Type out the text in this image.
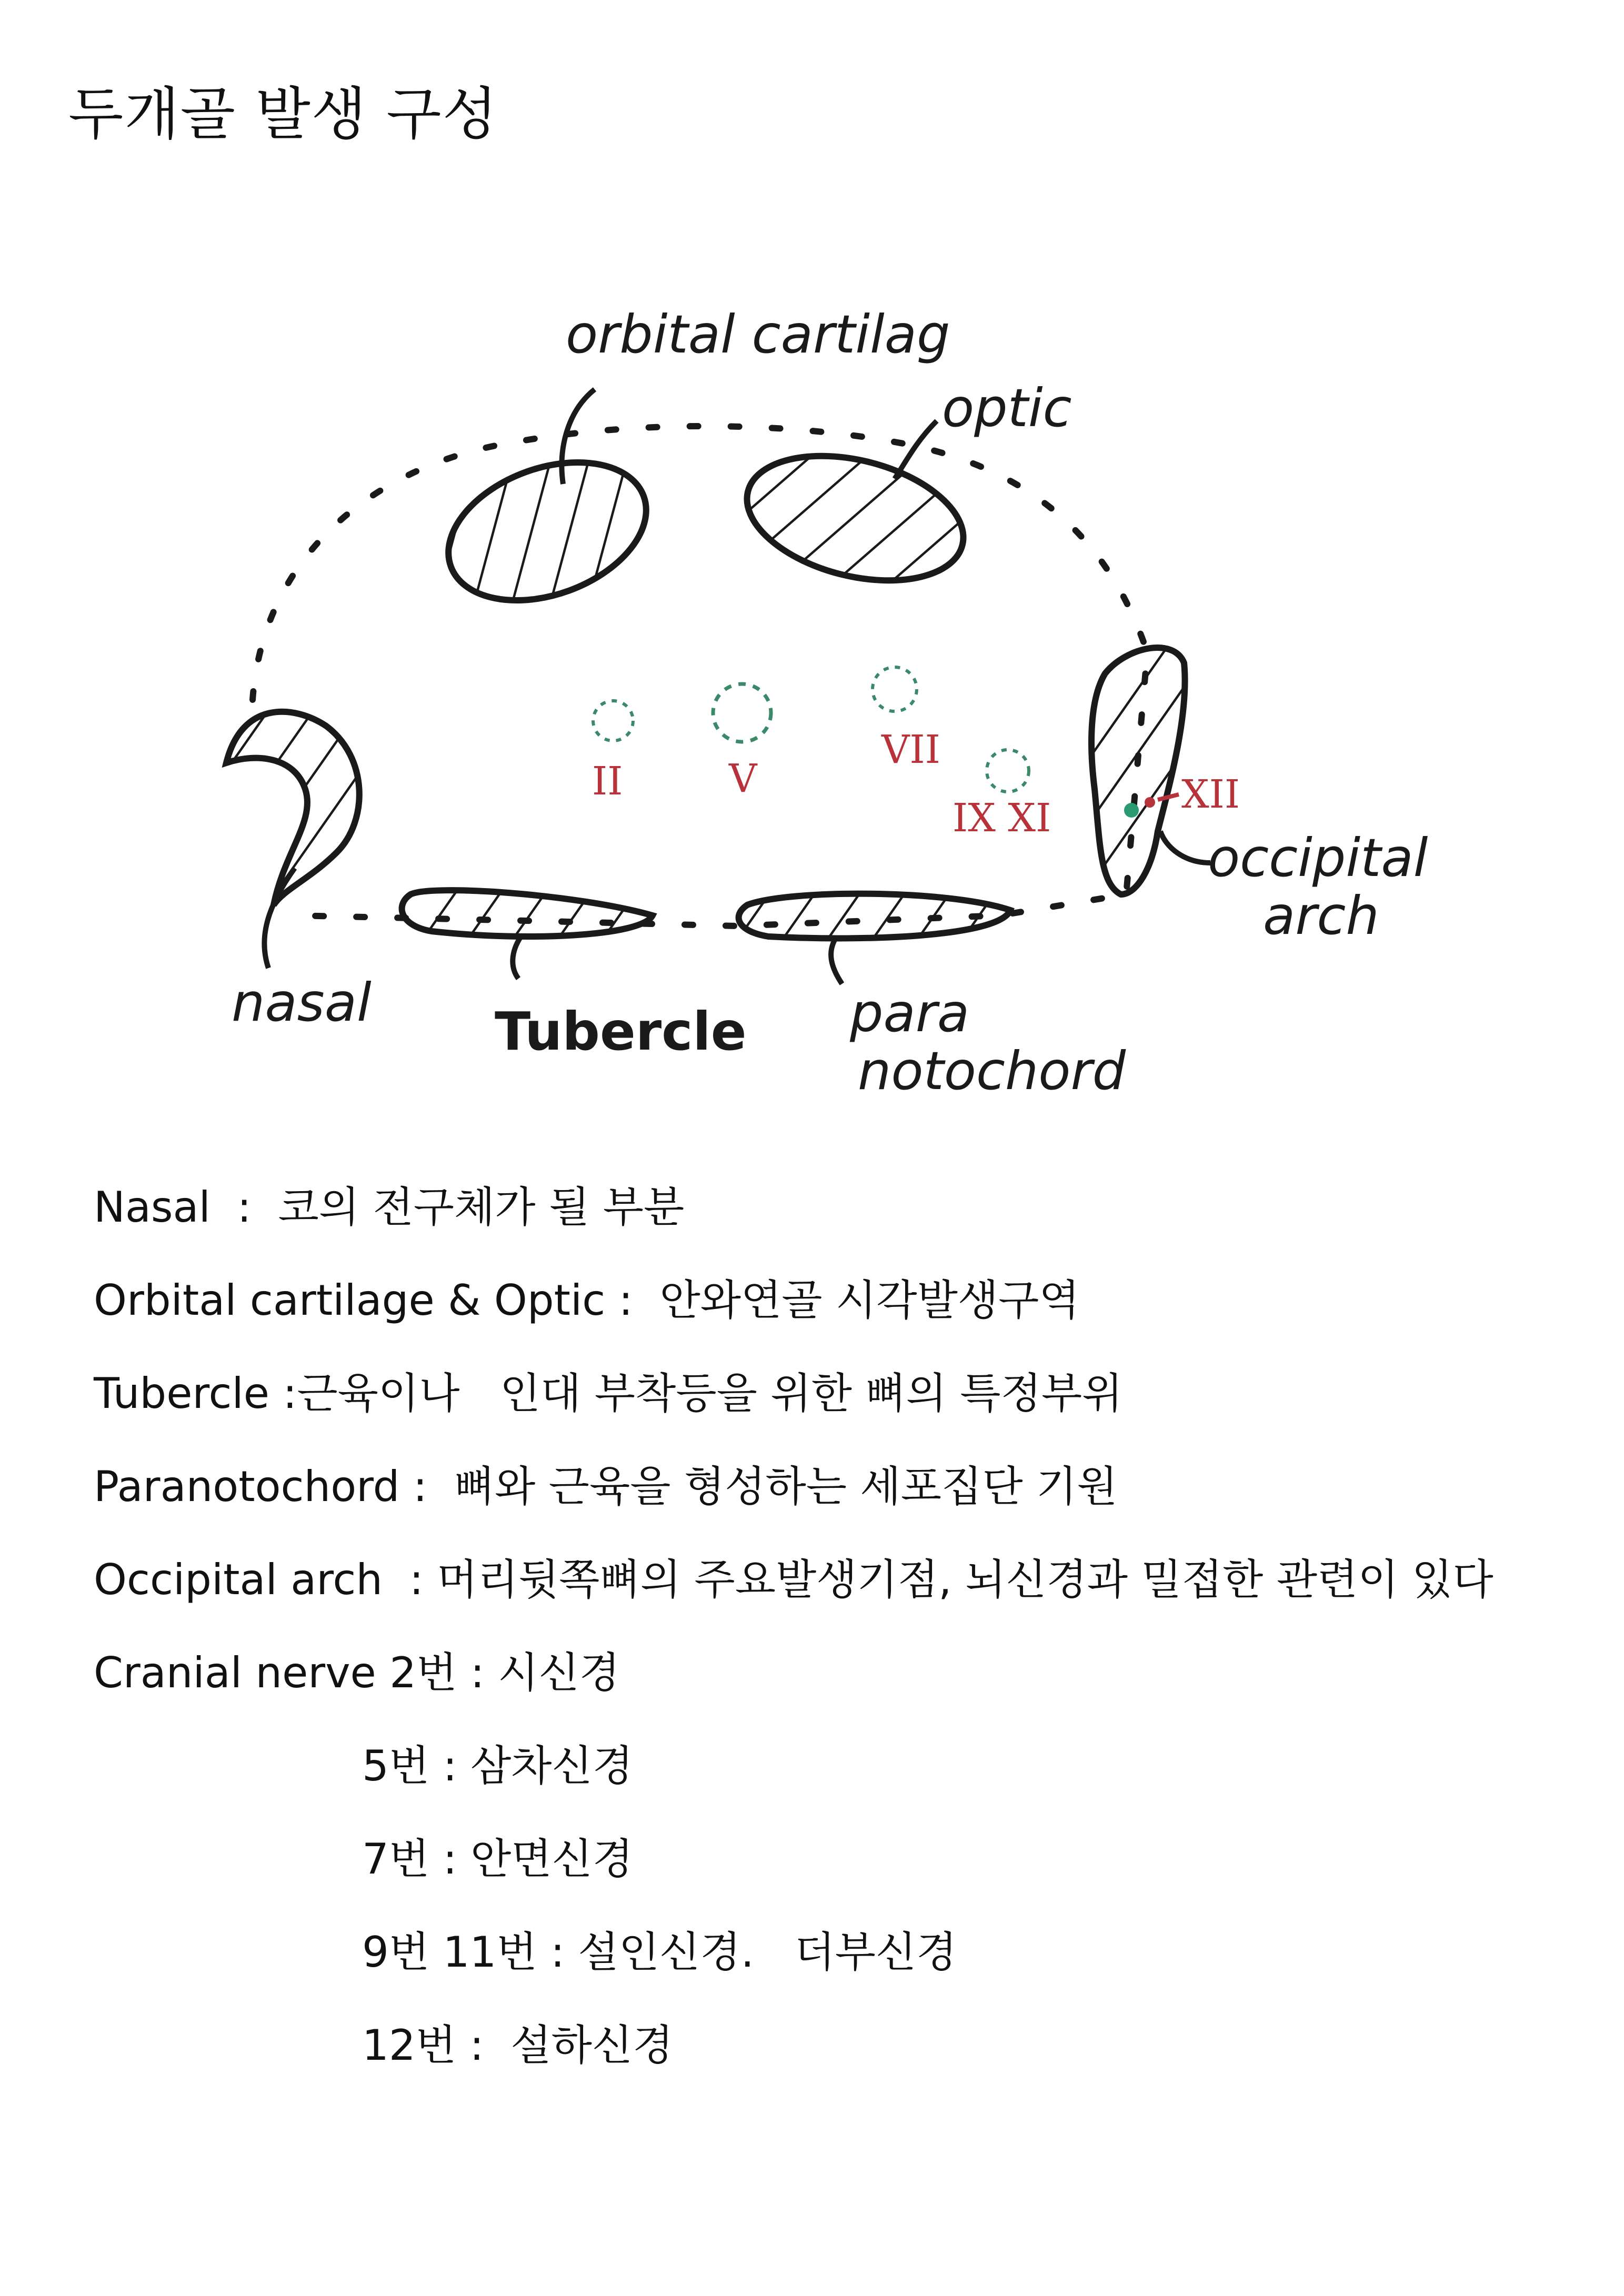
두개골 발생 구성
orbital cartilag
optic
nasal Tubercle para
notochord
occipital
arch
II	V
VII
IX XI
XII
Nasal  :  코의 전구체가 될 부분
Orbital cartilage & Optic :  안와연골 시각발생구역
Tubercle :근육이나   인대 부착등을 위한 뼈의 특정부위
Paranotochord :  뼈와 근육을 형성하는 세포집단 기원
Occipital arch  : 머리뒷쪽뼈의 주요발생기점, 뇌신경과 밀접한 관련이 있다
Cranial nerve 2번 : 시신경
5번 : 삼차신경
7번 : 안면신경
9번 11번 : 설인신경.   더부신경
12번 :  설하신경
